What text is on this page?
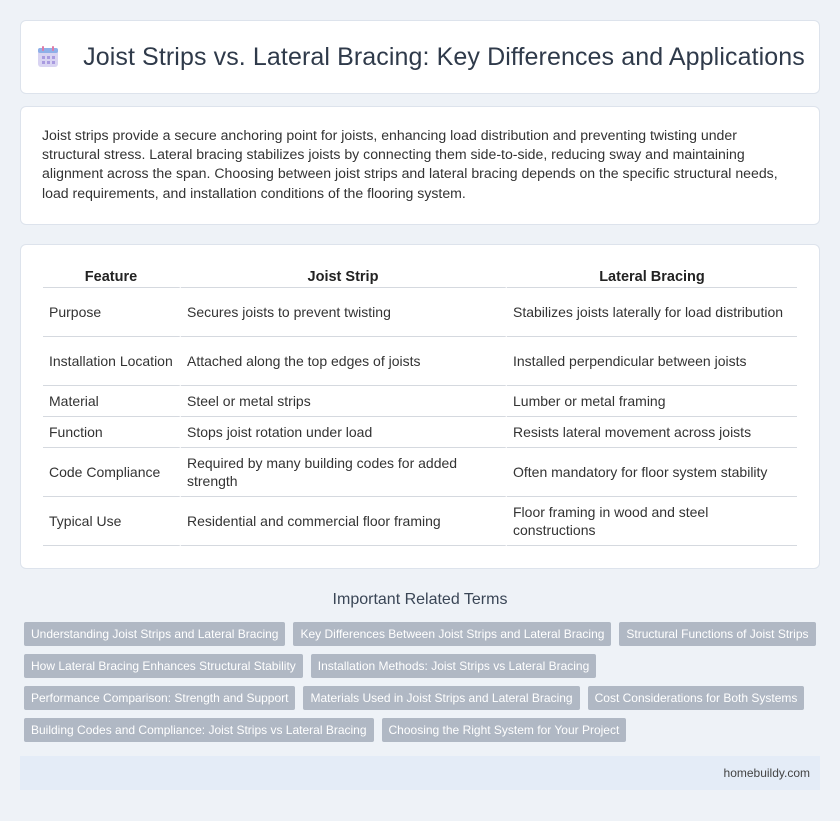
Joist Strips vs. Lateral Bracing: Key Differences and Applications

Joist strips provide a secure anchoring point for joists, enhancing load distribution and preventing twisting under structural stress. Lateral bracing stabilizes joists by connecting them side-to-side, reducing sway and maintaining alignment across the span. Choosing between joist strips and lateral bracing depends on the specific structural needs, load requirements, and installation conditions of the flooring system.

Feature	Joist Strip	Lateral Bracing
Purpose	Secures joists to prevent twisting	Stabilizes joists laterally for load distribution
Installation Location	Attached along the top edges of joists	Installed perpendicular between joists
Material	Steel or metal strips	Lumber or metal framing
Function	Stops joist rotation under load	Resists lateral movement across joists
Code Compliance	Required by many building codes for added strength	Often mandatory for floor system stability
Typical Use	Residential and commercial floor framing	Floor framing in wood and steel constructions
Important Related Terms
Understanding Joist Strips and Lateral Bracing	Key Differences Between Joist Strips and Lateral Bracing	Structural Functions of Joist Strips
How Lateral Bracing Enhances Structural Stability	Installation Methods: Joist Strips vs Lateral Bracing
Performance Comparison: Strength and Support	Materials Used in Joist Strips and Lateral Bracing	Cost Considerations for Both Systems
Building Codes and Compliance: Joist Strips vs Lateral Bracing	Choosing the Right System for Your Project
homebuildy.com
